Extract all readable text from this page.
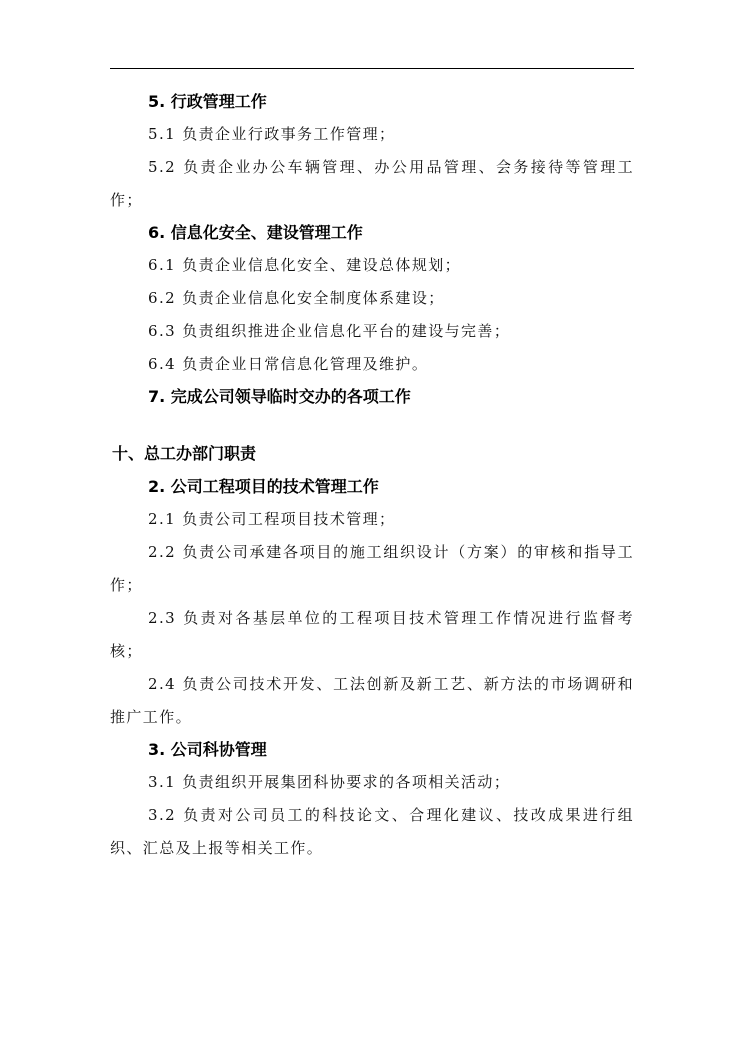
5. 行政管理工作

5.1 负责企业行政事务工作管理；

5.2 负责企业办公车辆管理、办公用品管理、会务接待等管理工作；

6. 信息化安全、建设管理工作

6.1 负责企业信息化安全、建设总体规划；

6.2 负责企业信息化安全制度体系建设；

6.3 负责组织推进企业信息化平台的建设与完善；

6.4 负责企业日常信息化管理及维护。

7. 完成公司领导临时交办的各项工作
十、总工办部门职责
2. 公司工程项目的技术管理工作

2.1 负责公司工程项目技术管理；

2.2 负责公司承建各项目的施工组织设计（方案）的审核和指导工作；

2.3 负责对各基层单位的工程项目技术管理工作情况进行监督考核；

2.4 负责公司技术开发、工法创新及新工艺、新方法的市场调研和推广工作。

3. 公司科协管理

3.1 负责组织开展集团科协要求的各项相关活动；

3.2 负责对公司员工的科技论文、合理化建议、技改成果进行组织、汇总及上报等相关工作。
